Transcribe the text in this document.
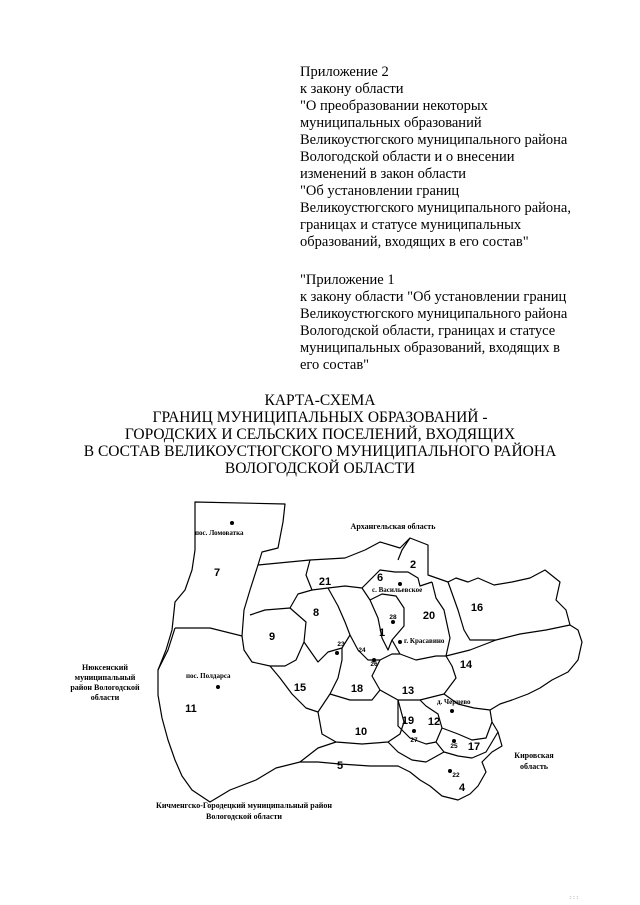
Приложение 2
к закону области
"О преобразовании некоторых
муниципальных образований
Великоустюгского муниципального района
Вологодской области и о внесении
изменений в закон области
"Об установлении границ
Великоустюгского муниципального района,
границах и статусе муниципальных
образований, входящих в его состав"
"Приложение 1
к закону области "Об установлении границ
Великоустюгского муниципального района
Вологодской области, границах и статусе
муниципальных образований, входящих в
его состав"
КАРТА-СХЕМА
ГРАНИЦ МУНИЦИПАЛЬНЫХ ОБРАЗОВАНИЙ -
ГОРОДСКИХ И СЕЛЬСКИХ ПОСЕЛЕНИЙ, ВХОДЯЩИХ
В СОСТАВ ВЕЛИКОУСТЮГСКОГО МУНИЦИПАЛЬНОГО РАЙОНА
ВОЛОГОДСКОЙ ОБЛАСТИ
7
2
6
21
16
20
8
9	1
14
18	13
15
11
19 12
10
17
5
4
23
24
26
28
27
25
22
пос. Ломоватка
с. Васильевское
г. Красавино
пос. Полдарса
д. Чернево
Архангельская область
Нюксенский
муниципальный
район Вологодской
области
Кировская
область
Кичменгско-Городецкий муниципальный район
Вологодской области
: : :
